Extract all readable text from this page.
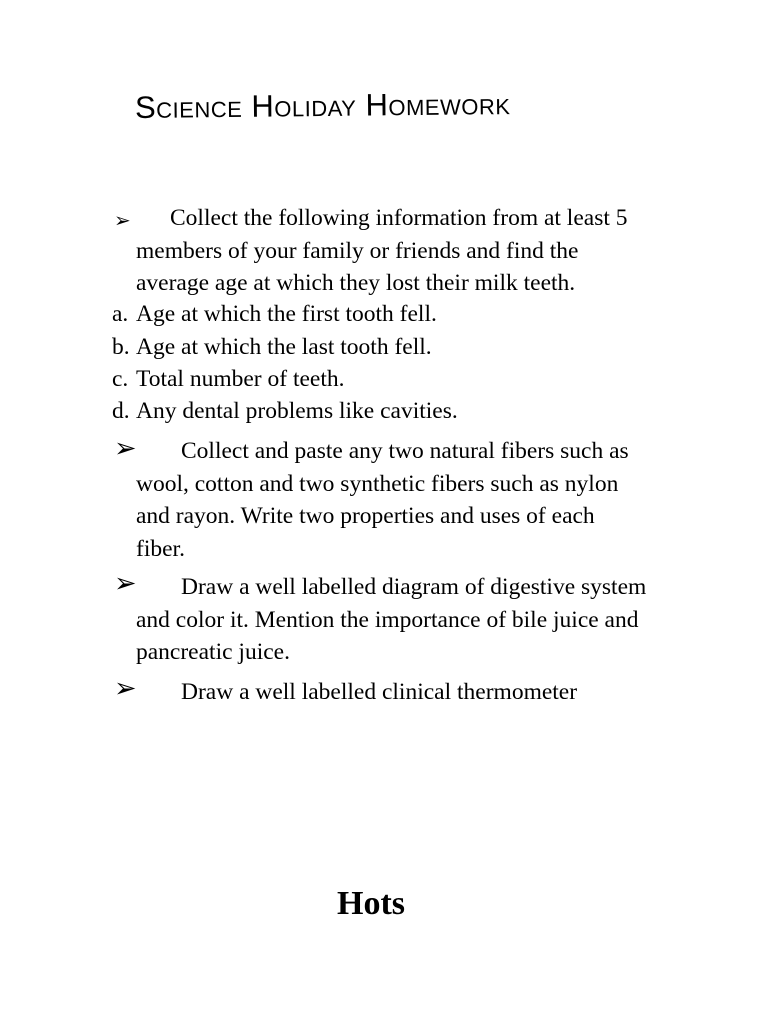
Science Holiday Homework
➢	Collect the following information from at least 5
members of your family or friends and find the
average age at which they lost their milk teeth.
a. Age at which the first tooth fell.
b. Age at which the last tooth fell.
c. Total number of teeth.
d. Any dental problems like cavities.
➢	Collect and paste any two natural fibers such as
wool, cotton and two synthetic fibers such as nylon
and rayon. Write two properties and uses of each
fiber.
➢	Draw a well labelled diagram of digestive system
and color it. Mention the importance of bile juice and
pancreatic juice.
➢	Draw a well labelled clinical thermometer
Hots
